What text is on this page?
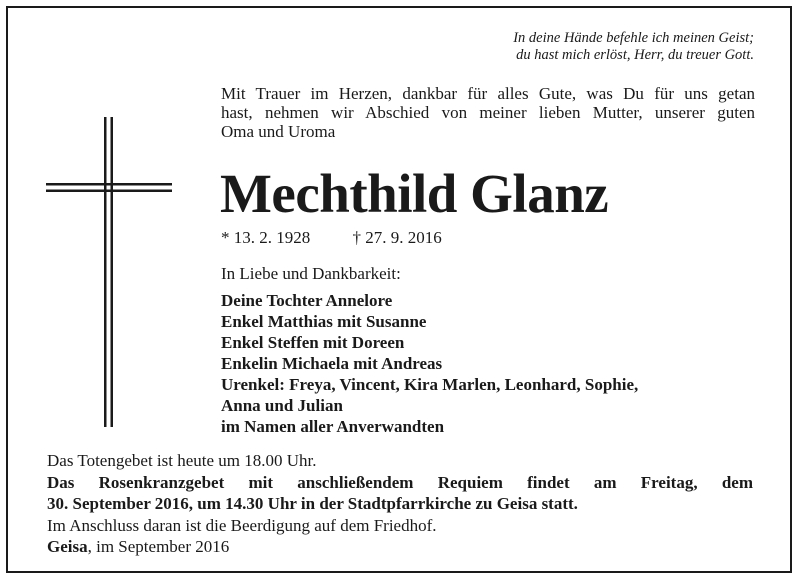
In deine Hände befehle ich meinen Geist;
du hast mich erlöst, Herr, du treuer Gott.
Mit Trauer im Herzen, dankbar für alles Gute, was Du für uns getan
hast, nehmen wir Abschied von meiner lieben Mutter, unserer guten
Oma und Uroma
Mechthild Glanz
* 13. 2. 1928 † 27. 9. 2016
In Liebe und Dankbarkeit:
Deine Tochter Annelore
Enkel Matthias mit Susanne
Enkel Steffen mit Doreen
Enkelin Michaela mit Andreas
Urenkel: Freya, Vincent, Kira Marlen, Leonhard, Sophie,
Anna und Julian
im Namen aller Anverwandten
Das Totengebet ist heute um 18.00 Uhr.
Das Rosenkranzgebet mit anschließendem Requiem findet am Freitag, dem
30. September 2016, um 14.30 Uhr in der Stadtpfarrkirche zu Geisa statt.
Im Anschluss daran ist die Beerdigung auf dem Friedhof.
Geisa, im September 2016
